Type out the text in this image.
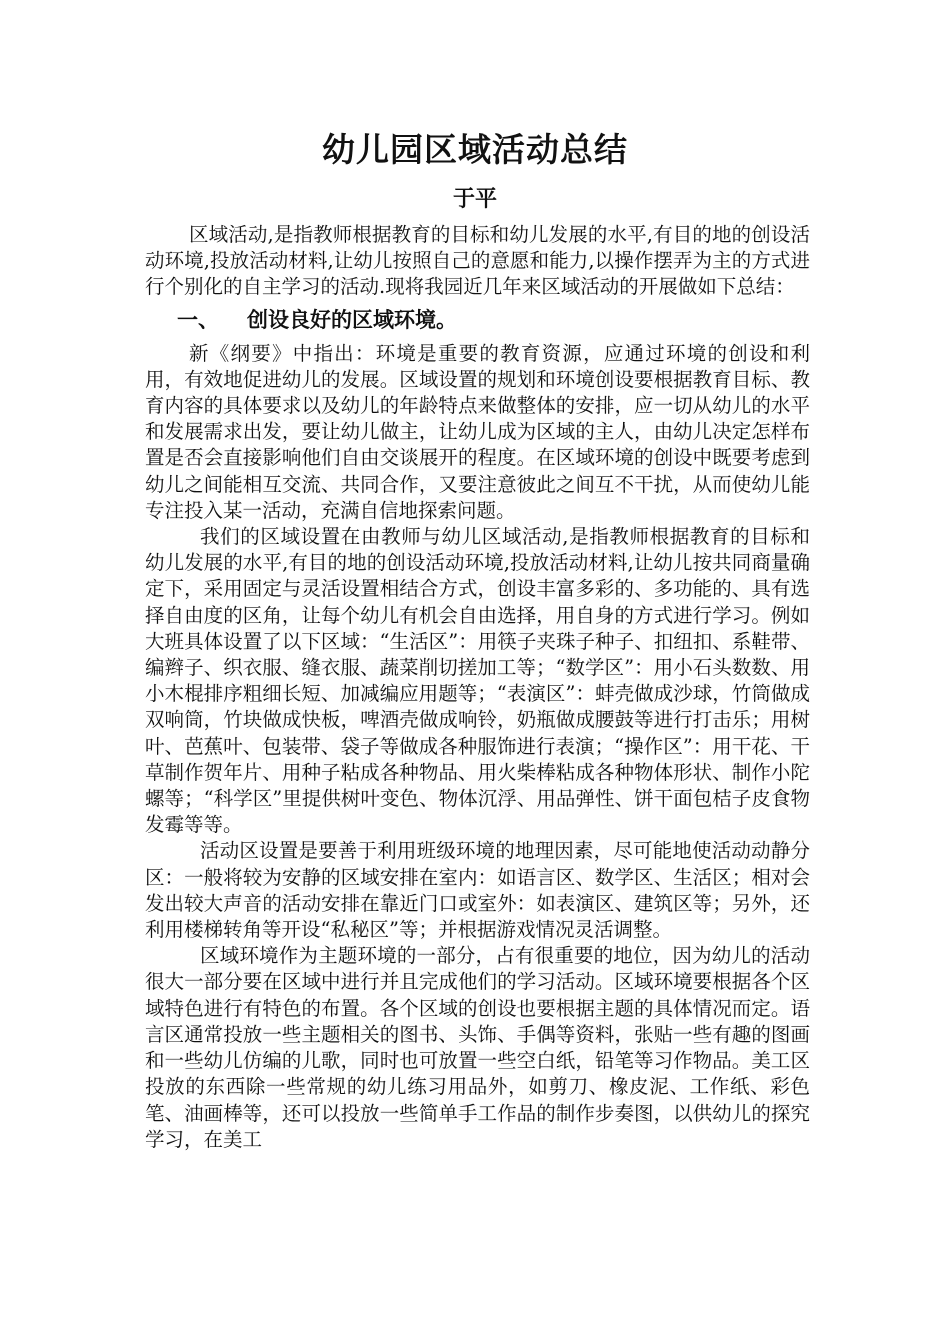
幼儿园区域活动总结
于平

区域活动,是指教师根据教育的目标和幼儿发展的水平,有目的地的创设活动环境,投放活动材料,让幼儿按照自己的意愿和能力,以操作摆弄为主的方式进行个别化的自主学习的活动.现将我园近几年来区域活动的开展做如下总结：

一、 创设良好的区域环境。

新《纲要》中指出：环境是重要的教育资源，应通过环境的创设和利用，有效地促进幼儿的发展。区域设置的规划和环境创设要根据教育目标、教育内容的具体要求以及幼儿的年龄特点来做整体的安排，应一切从幼儿的水平和发展需求出发，要让幼儿做主，让幼儿成为区域的主人，由幼儿决定怎样布置是否会直接影响他们自由交谈展开的程度。在区域环境的创设中既要考虑到幼儿之间能相互交流、共同合作，又要注意彼此之间互不干扰，从而使幼儿能专注投入某一活动，充满自信地探索问题。

我们的区域设置在由教师与幼儿区域活动,是指教师根据教育的目标和幼儿发展的水平,有目的地的创设活动环境,投放活动材料,让幼儿按共同商量确定下，采用固定与灵活设置相结合方式，创设丰富多彩的、多功能的、具有选择自由度的区角，让每个幼儿有机会自由选择，用自身的方式进行学习。例如大班具体设置了以下区域：“生活区”：用筷子夹珠子种子、扣纽扣、系鞋带、编辫子、织衣服、缝衣服、蔬菜削切搓加工等；“数学区”：用小石头数数、用小木棍排序粗细长短、加减编应用题等；“表演区”：蚌壳做成沙球，竹筒做成双响筒，竹块做成快板，啤酒壳做成响铃，奶瓶做成腰鼓等进行打击乐；用树叶、芭蕉叶、包装带、袋子等做成各种服饰进行表演；“操作区”：用干花、干草制作贺年片、用种子粘成各种物品、用火柴棒粘成各种物体形状、制作小陀螺等；“科学区”里提供树叶变色、物体沉浮、用品弹性、饼干面包桔子皮食物发霉等等。

活动区设置是要善于利用班级环境的地理因素，尽可能地使活动动静分区：一般将较为安静的区域安排在室内：如语言区、数学区、生活区；相对会发出较大声音的活动安排在靠近门口或室外：如表演区、建筑区等；另外，还利用楼梯转角等开设“私秘区”等；并根据游戏情况灵活调整。

区域环境作为主题环境的一部分，占有很重要的地位，因为幼儿的活动很大一部分要在区域中进行并且完成他们的学习活动。区域环境要根据各个区域特色进行有特色的布置。各个区域的创设也要根据主题的具体情况而定。语言区通常投放一些主题相关的图书、头饰、手偶等资料，张贴一些有趣的图画和一些幼儿仿编的儿歌，同时也可放置一些空白纸，铅笔等习作物品。美工区投放的东西除一些常规的幼儿练习用品外，如剪刀、橡皮泥、工作纸、彩色笔、油画棒等，还可以投放一些简单手工作品的制作步奏图，以供幼儿的探究学习，在美工
